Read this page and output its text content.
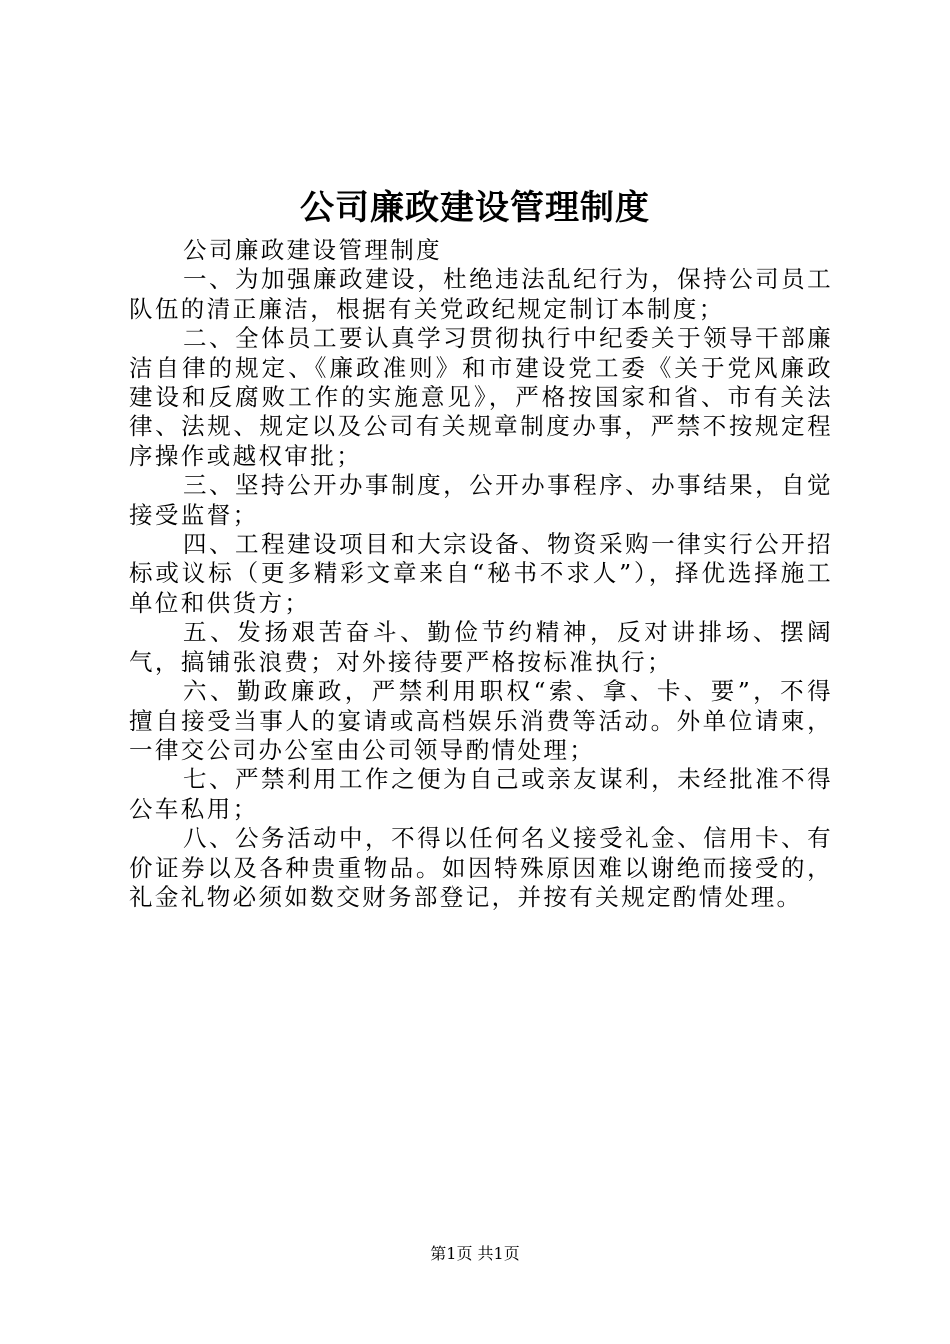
公司廉政建设管理制度

公司廉政建设管理制度

一、为加强廉政建设，杜绝违法乱纪行为，保持公司员工队伍的清正廉洁，根据有关党政纪规定制订本制度；

二、全体员工要认真学习贯彻执行中纪委关于领导干部廉洁自律的规定、《廉政准则》和市建设党工委《关于党风廉政建设和反腐败工作的实施意见》，严格按国家和省、市有关法律、法规、规定以及公司有关规章制度办事，严禁不按规定程序操作或越权审批；

三、坚持公开办事制度，公开办事程序、办事结果，自觉接受监督；

四、工程建设项目和大宗设备、物资采购一律实行公开招标或议标（更多精彩文章来自“秘书不求人”），择优选择施工单位和供货方；

五、发扬艰苦奋斗、勤俭节约精神，反对讲排场、摆阔气，搞铺张浪费；对外接待要严格按标准执行；

六、勤政廉政，严禁利用职权“索、拿、卡、要”，不得擅自接受当事人的宴请或高档娱乐消费等活动。外单位请柬，一律交公司办公室由公司领导酌情处理；

七、严禁利用工作之便为自己或亲友谋利，未经批准不得公车私用；

八、公务活动中，不得以任何名义接受礼金、信用卡、有价证券以及各种贵重物品。如因特殊原因难以谢绝而接受的，礼金礼物必须如数交财务部登记，并按有关规定酌情处理。

第1页 共1页
